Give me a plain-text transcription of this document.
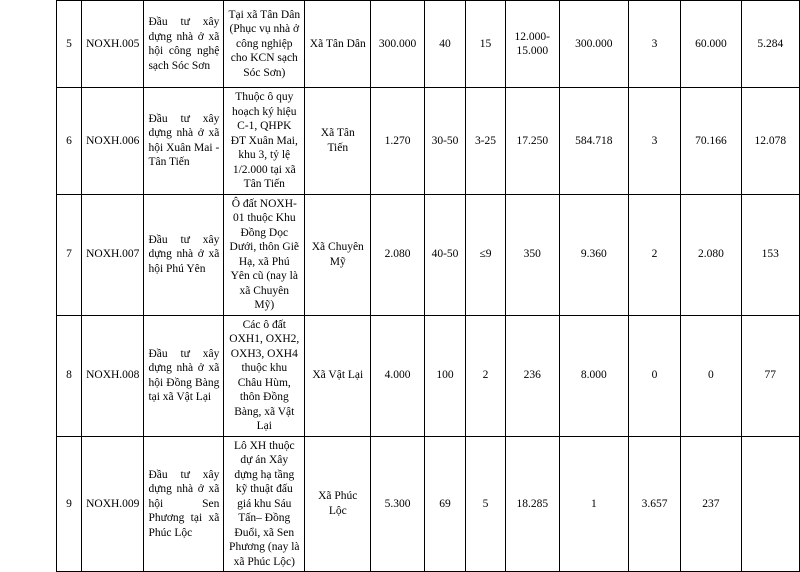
5	NOXH.005	Đầu tư xây dựng nhà ở xã hội công nghệ sạch Sóc Sơn	Tại xã Tân Dân (Phục vụ nhà ở công nghiệp cho KCN sạch Sóc Sơn)	Xã Tân Dân	300.000	40	15	12.000-15.000	300.000	3	60.000	5.284
6	NOXH.006	Đầu tư xây dựng nhà ở xã hội Xuân Mai - Tân Tiến	Thuộc ô quy hoạch ký hiệu C-1, QHPK ĐT Xuân Mai, khu 3, tỷ lệ 1/2.000 tại xã Tân Tiến	Xã Tân Tiến	1.270	30-50	3-25	17.250	584.718	3	70.166	12.078
7	NOXH.007	Đầu tư xây dựng nhà ở xã hội Phú Yên	Ô đất NOXH-01 thuộc Khu Đồng Dọc Dưới, thôn Giẽ Hạ, xã Phú Yên cũ (nay là xã Chuyên Mỹ)	Xã Chuyên Mỹ	2.080	40-50	≤9	350	9.360	2	2.080	153
8	NOXH.008	Đầu tư xây dựng nhà ở xã hội Đồng Bàng tại xã Vật Lại	Các ô đất OXH1, OXH2, OXH3, OXH4 thuộc khu Châu Hùm, thôn Đồng Bàng, xã Vật Lại	Xã Vật Lại	4.000	100	2	236	8.000	0	0	77
9	NOXH.009	Đầu tư xây dựng nhà ở xã hội Sen Phương tại xã Phúc Lộc	Lô XH thuộc dự án Xây dựng hạ tầng kỹ thuật đấu giá khu Sáu Tấn– Đồng Đuổi, xã Sen Phương (nay là xã Phúc Lộc)	Xã Phúc Lộc	5.300	69	5	18.285	1	3.657	237	
